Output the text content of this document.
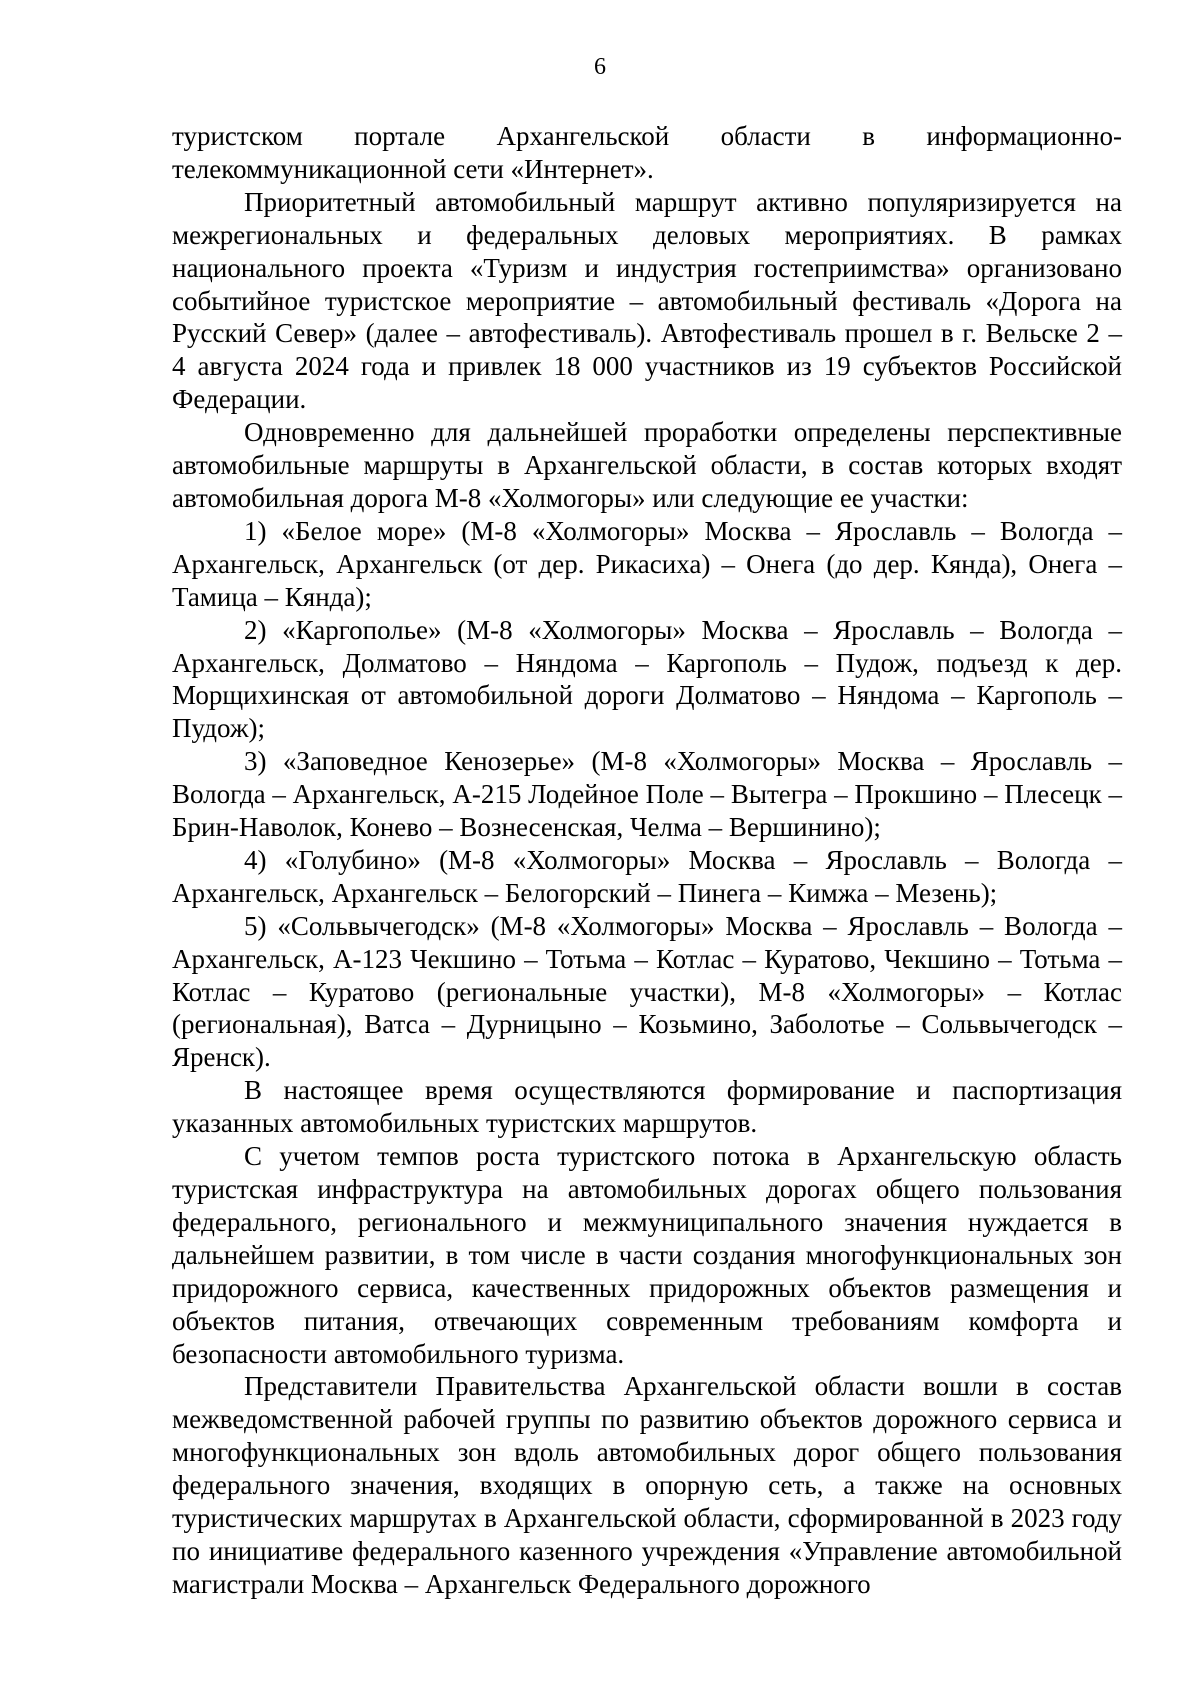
6

туристском портале Архангельской области в информационно-телекоммуникационной сети «Интернет».

Приоритетный автомобильный маршрут активно популяризируется на межрегиональных и федеральных деловых мероприятиях. В рамках национального проекта «Туризм и индустрия гостеприимства» организовано событийное туристское мероприятие – автомобильный фестиваль «Дорога на Русский Север» (далее – автофестиваль). Автофестиваль прошел в г. Вельске 2 – 4 августа 2024 года и привлек 18 000 участников из 19 субъектов Российской Федерации.

Одновременно для дальнейшей проработки определены перспективные автомобильные маршруты в Архангельской области, в состав которых входят автомобильная дорога М-8 «Холмогоры» или следующие ее участки:

1) «Белое море» (М-8 «Холмогоры» Москва – Ярославль – Вологда – Архангельск, Архангельск (от дер. Рикасиха) – Онега (до дер. Кянда), Онега – Тамица – Кянда);

2) «Каргополье» (М-8 «Холмогоры» Москва – Ярославль – Вологда – Архангельск, Долматово – Няндома – Каргополь – Пудож, подъезд к дер. Морщихинская от автомобильной дороги Долматово – Няндома – Каргополь – Пудож);

3) «Заповедное Кенозерье» (М-8 «Холмогоры» Москва – Ярославль – Вологда – Архангельск, А-215 Лодейное Поле – Вытегра – Прокшино – Плесецк – Брин-Наволок, Конево – Вознесенская, Челма – Вершинино);

4) «Голубино» (М-8 «Холмогоры» Москва – Ярославль – Вологда – Архангельск, Архангельск – Белогорский – Пинега – Кимжа – Мезень);

5) «Сольвычегодск» (М-8 «Холмогоры» Москва – Ярославль – Вологда – Архангельск, А-123 Чекшино – Тотьма – Котлас – Куратово, Чекшино – Тотьма – Котлас – Куратово (региональные участки), М-8 «Холмогоры» – Котлас (региональная), Ватса – Дурницыно – Козьмино, Заболотье – Сольвычегодск – Яренск).

В настоящее время осуществляются формирование и паспортизация указанных автомобильных туристских маршрутов.

С учетом темпов роста туристского потока в Архангельскую область туристская инфраструктура на автомобильных дорогах общего пользования федерального, регионального и межмуниципального значения нуждается в дальнейшем развитии, в том числе в части создания многофункциональных зон придорожного сервиса, качественных придорожных объектов размещения и объектов питания, отвечающих современным требованиям комфорта и безопасности автомобильного туризма.

Представители Правительства Архангельской области вошли в состав межведомственной рабочей группы по развитию объектов дорожного сервиса и многофункциональных зон вдоль автомобильных дорог общего пользования федерального значения, входящих в опорную сеть, а также на основных туристических маршрутах в Архангельской области, сформированной в 2023 году по инициативе федерального казенного учреждения «Управление автомобильной магистрали Москва – Архангельск Федерального дорожного
